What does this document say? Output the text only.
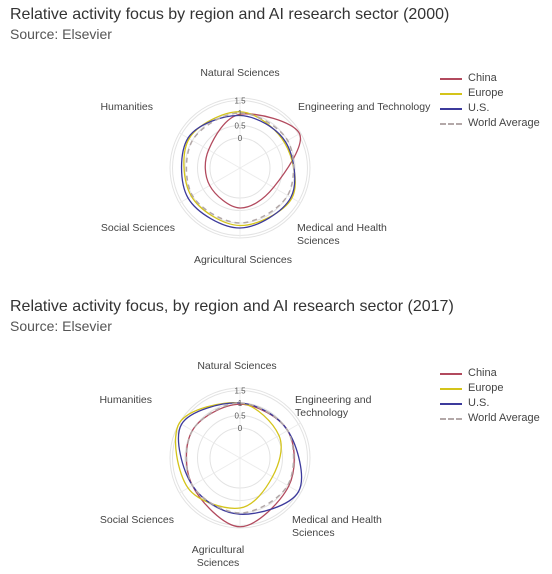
Relative activity focus by region and AI research sector (2000)
Source: Elsevier
0
0.5
1
1.5
Natural Sciences
Engineering and Technology
Medical and Health Sciences
Agricultural Sciences
Social Sciences
Humanities
China
Europe
U.S.
World Average
Relative activity focus, by region and AI research sector (2017)
Source: Elsevier
0
0.5
1
1.5
Natural Sciences
Engineering and Technology
Medical and Health Sciences
Agricultural Sciences
Social Sciences
Humanities
China
Europe
U.S.
World Average
